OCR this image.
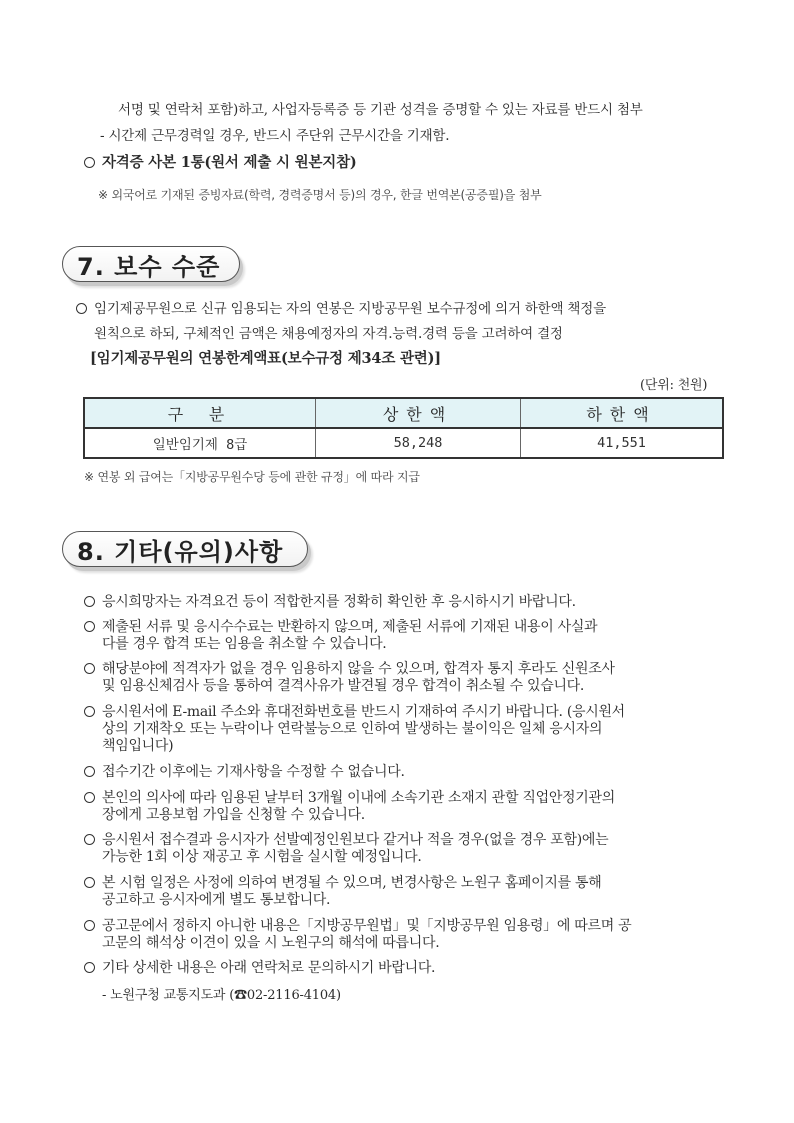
서명 및 연락처 포함)하고, 사업자등록증 등 기관 성격을 증명할 수 있는 자료를 반드시 첨부
- 시간제 근무경력일 경우, 반드시 주단위 근무시간을 기재함.
자격증 사본 1통(원서 제출 시 원본지참)
※ 외국어로 기재된 증빙자료(학력, 경력증명서 등)의 경우, 한글 번역본(공증필)을 첨부
7. 보수 수준
임기제공무원으로 신규 임용되는 자의 연봉은 지방공무원 보수규정에 의거 하한액 책정을
원칙으로 하되, 구체적인 금액은 채용예정자의 자격.능력.경력 등을 고려하여 결정
[임기제공무원의 연봉한계액표(보수규정 제34조 관련)]
(단위: 천원)
구 분	상한액	하한액
일반임기제 8급	58,248	41,551
※ 연봉 외 급여는「지방공무원수당 등에 관한 규정」에 따라 지급
8. 기타(유의)사항
응시희망자는 자격요건 등이 적합한지를 정확히 확인한 후 응시하시기 바랍니다.
제출된 서류 및 응시수수료는 반환하지 않으며, 제출된 서류에 기재된 내용이 사실과
다를 경우 합격 또는 임용을 취소할 수 있습니다.
해당분야에 적격자가 없을 경우 임용하지 않을 수 있으며, 합격자 통지 후라도 신원조사
및 임용신체검사 등을 통하여 결격사유가 발견될 경우 합격이 취소될 수 있습니다.
응시원서에 E-mail 주소와 휴대전화번호를 반드시 기재하여 주시기 바랍니다. (응시원서
상의 기재착오 또는 누락이나 연락불능으로 인하여 발생하는 불이익은 일체 응시자의
책임입니다)
접수기간 이후에는 기재사항을 수정할 수 없습니다.
본인의 의사에 따라 임용된 날부터 3개월 이내에 소속기관 소재지 관할 직업안정기관의
장에게 고용보험 가입을 신청할 수 있습니다.
응시원서 접수결과 응시자가 선발예정인원보다 같거나 적을 경우(없을 경우 포함)에는
가능한 1회 이상 재공고 후 시험을 실시할 예정입니다.
본 시험 일정은 사정에 의하여 변경될 수 있으며, 변경사항은 노원구 홈페이지를 통해
공고하고 응시자에게 별도 통보합니다.
공고문에서 정하지 아니한 내용은「지방공무원법」및「지방공무원 임용령」에 따르며 공
고문의 해석상 이견이 있을 시 노원구의 해석에 따릅니다.
기타 상세한 내용은 아래 연락처로 문의하시기 바랍니다.
- 노원구청 교통지도과 (☎02-2116-4104)
